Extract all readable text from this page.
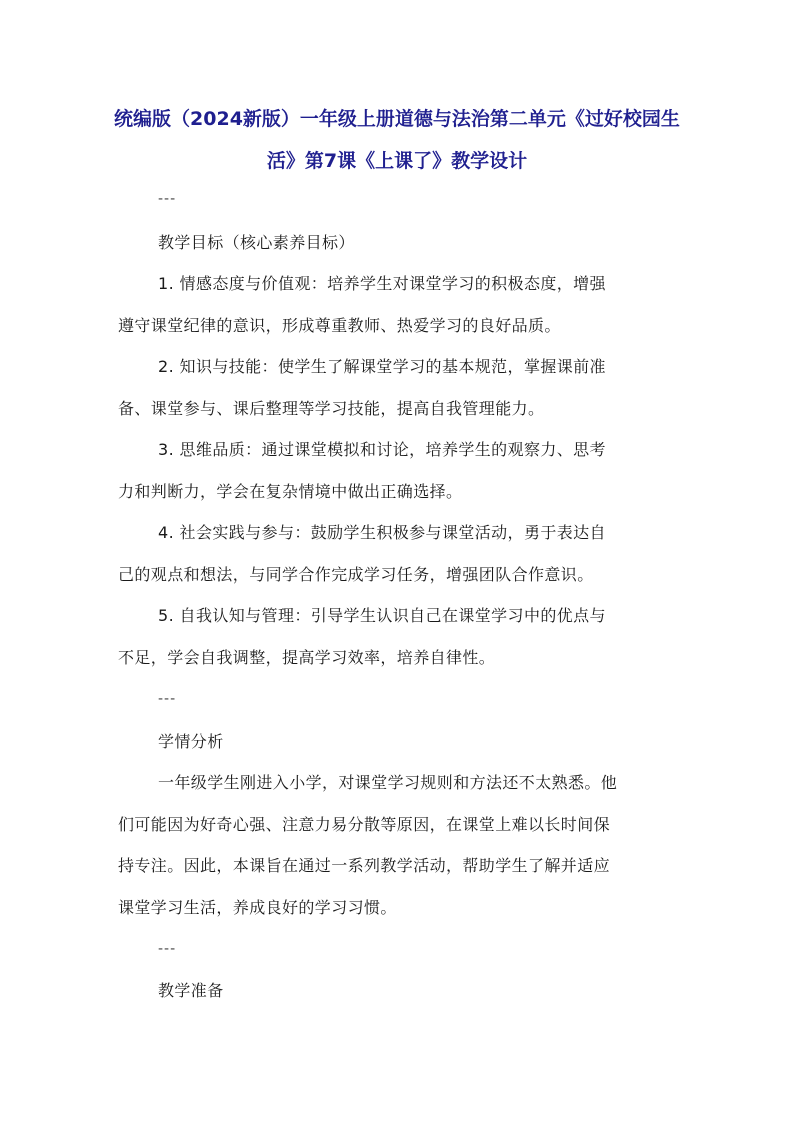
统编版（2024新版）一年级上册道德与法治第二单元《过好校园生
活》第7课《上课了》教学设计
---
教学目标（核心素养目标）
1. 情感态度与价值观：培养学生对课堂学习的积极态度，增强
遵守课堂纪律的意识，形成尊重教师、热爱学习的良好品质。
2. 知识与技能：使学生了解课堂学习的基本规范，掌握课前准
备、课堂参与、课后整理等学习技能，提高自我管理能力。
3. 思维品质：通过课堂模拟和讨论，培养学生的观察力、思考
力和判断力，学会在复杂情境中做出正确选择。
4. 社会实践与参与：鼓励学生积极参与课堂活动，勇于表达自
己的观点和想法，与同学合作完成学习任务，增强团队合作意识。
5. 自我认知与管理：引导学生认识自己在课堂学习中的优点与
不足，学会自我调整，提高学习效率，培养自律性。
---
学情分析
一年级学生刚进入小学，对课堂学习规则和方法还不太熟悉。他
们可能因为好奇心强、注意力易分散等原因，在课堂上难以长时间保
持专注。因此，本课旨在通过一系列教学活动，帮助学生了解并适应
课堂学习生活，养成良好的学习习惯。
---
教学准备
